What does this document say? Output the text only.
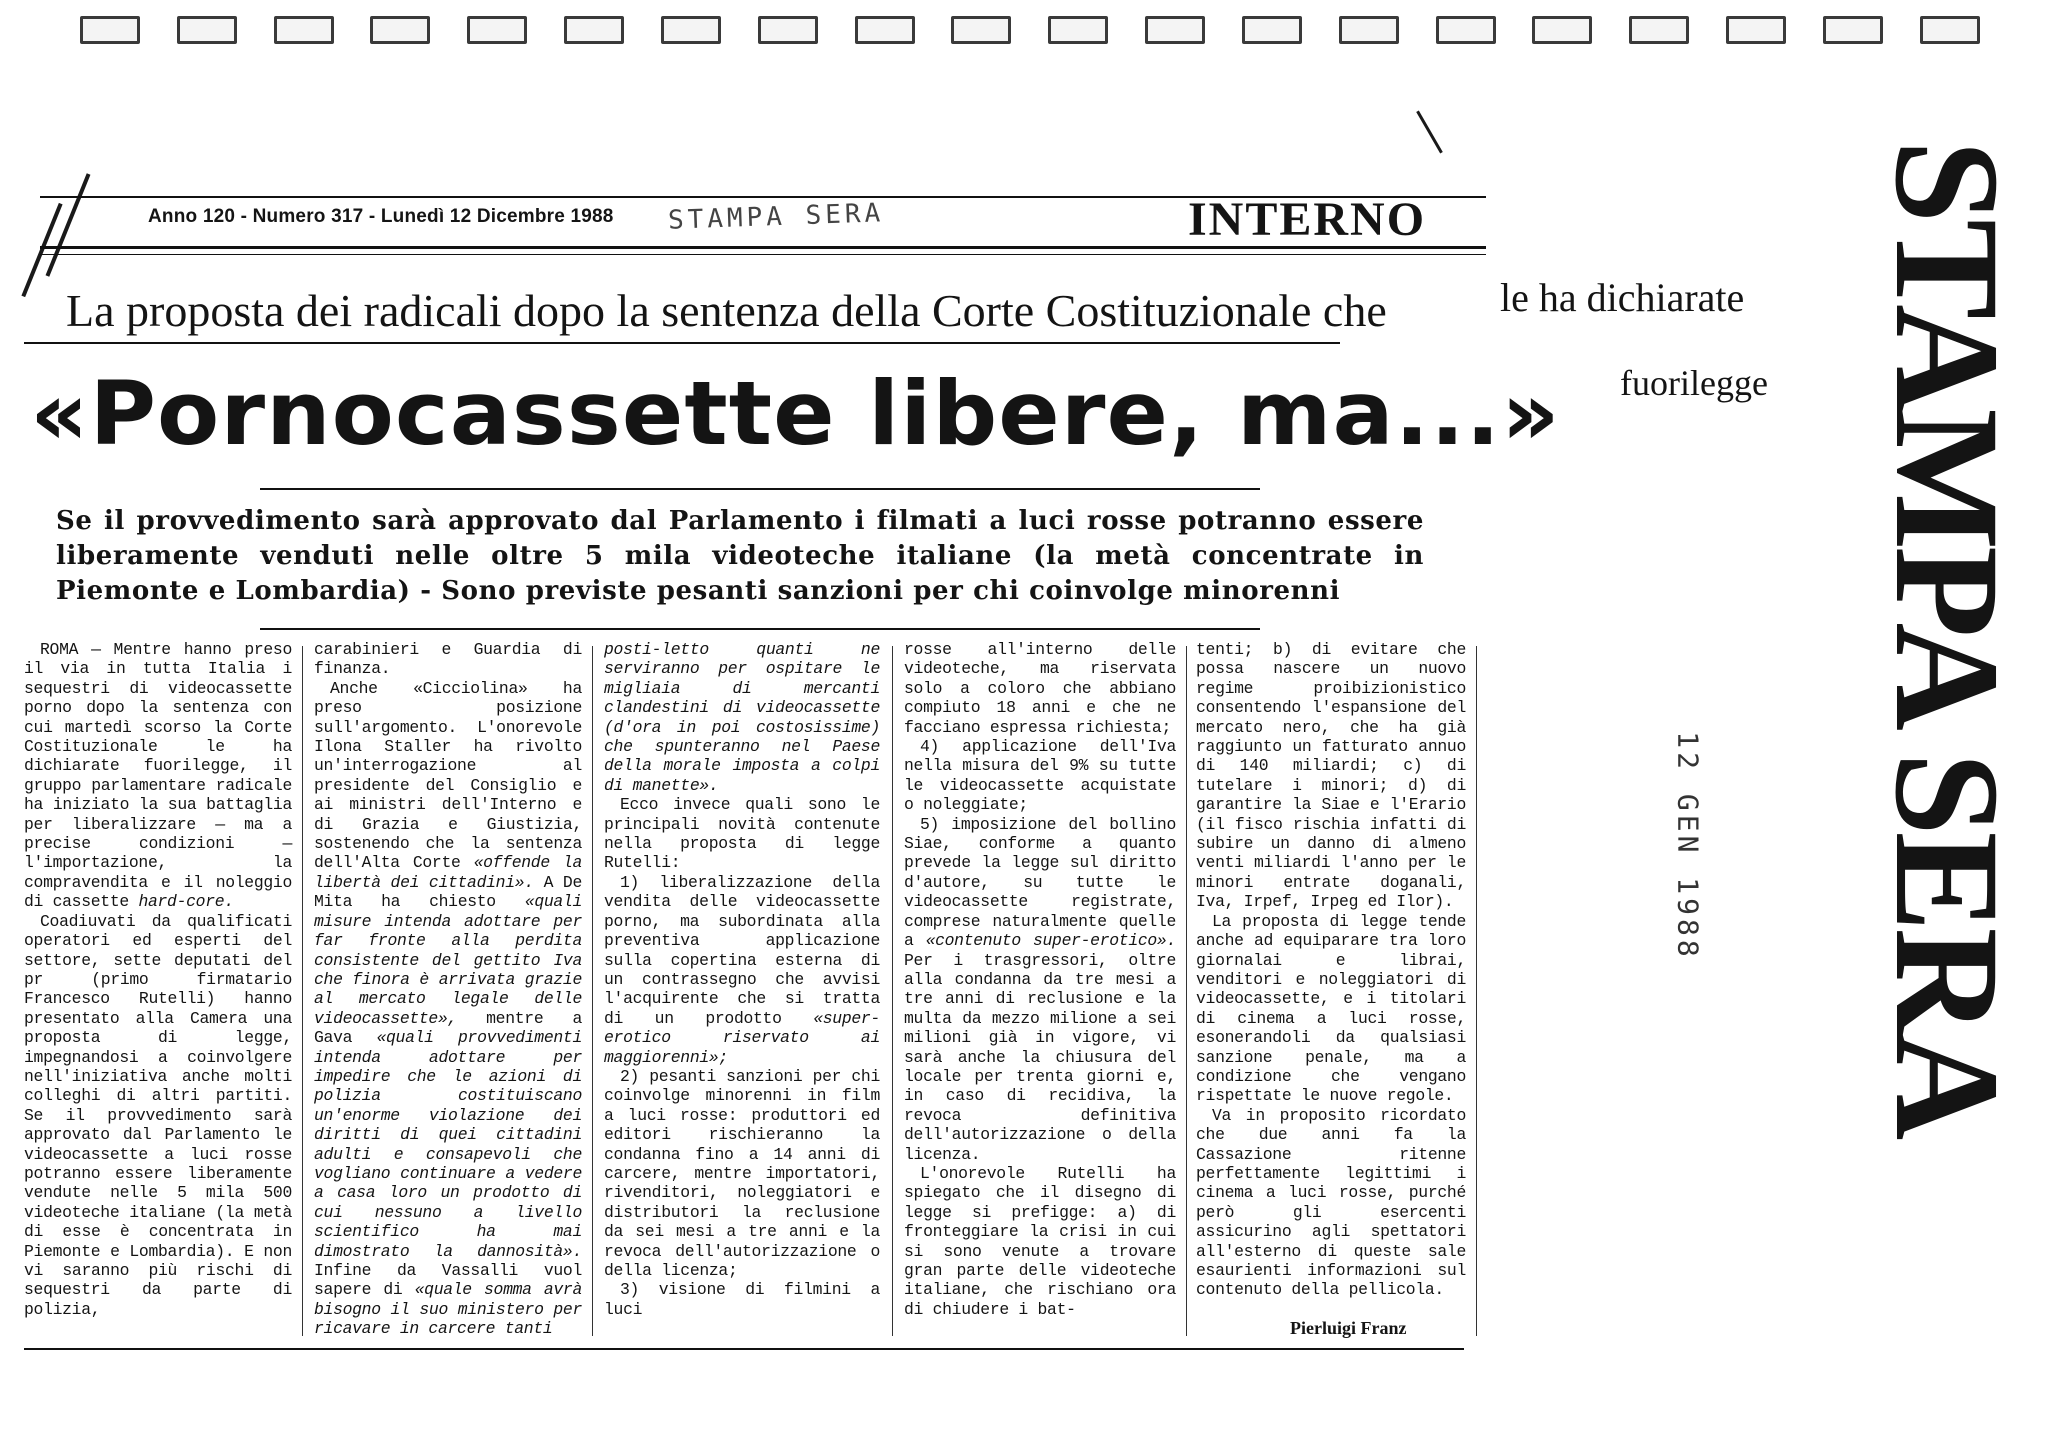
Anno 120 - Numero 317 - Lunedì 12 Dicembre 1988 STAMPA SERA	INTERNO
La proposta dei radicali dopo la sentenza della Corte Costituzionale che	le ha dichiarate
fuorilegge
«Pornocassette libere, ma...»

Se il provvedimento sarà approvato dal Parlamento i filmati a luci rosse potranno essere liberamente venduti nelle oltre 5 mila videoteche italiane (la metà concentrate in Piemonte e Lombardia) - Sono previste pesanti sanzioni per chi coinvolge minorenni	STAMPA SERA
12 GEN 1988

ROMA — Mentre hanno preso il via in tutta Italia i sequestri di videocassette porno dopo la sentenza con cui martedì scorso la Corte Costituzionale le ha dichiarate fuorilegge, il gruppo parlamentare radicale ha iniziato la sua battaglia per liberalizzare — ma a precise condizioni — l'importazione, la compravendita e il noleggio di cassette hard-core.

Coadiuvati da qualificati operatori ed esperti del settore, sette deputati del pr (primo firmatario Francesco Rutelli) hanno presentato alla Camera una proposta di legge, impegnandosi a coinvolgere nell'iniziativa anche molti colleghi di altri partiti. Se il provvedimento sarà approvato dal Parlamento le videocassette a luci rosse potranno essere liberamente vendute nelle 5 mila 500 videoteche italiane (la metà di esse è concentrata in Piemonte e Lombardia). E non vi saranno più rischi di sequestri da parte di polizia,

carabinieri e Guardia di finanza.

Anche «Cicciolina» ha preso posizione sull'argomento. L'onorevole Ilona Staller ha rivolto un'interrogazione al presidente del Consiglio e ai ministri dell'Interno e di Grazia e Giustizia, sostenendo che la sentenza dell'Alta Corte «offende la libertà dei cittadini». A De Mita ha chiesto «quali misure intenda adottare per far fronte alla perdita consistente del gettito Iva che finora è arrivata grazie al mercato legale delle videocassette», mentre a Gava «quali provvedimenti intenda adottare per impedire che le azioni di polizia costituiscano un'enorme violazione dei diritti di quei cittadini adulti e consapevoli che vogliano continuare a vedere a casa loro un prodotto di cui nessuno a livello scientifico ha mai dimostrato la dannosità». Infine da Vassalli vuol sapere di «quale somma avrà bisogno il suo ministero per ricavare in carcere tanti

posti-letto quanti ne serviranno per ospitare le migliaia di mercanti clandestini di videocassette (d'ora in poi costosissime) che spunteranno nel Paese della morale imposta a colpi di manette».

Ecco invece quali sono le principali novità contenute nella proposta di legge Rutelli:

1) liberalizzazione della vendita delle videocassette porno, ma subordinata alla preventiva applicazione sulla copertina esterna di un contrassegno che avvisi l'acquirente che si tratta di un prodotto «super-erotico riservato ai maggiorenni»;

2) pesanti sanzioni per chi coinvolge minorenni in film a luci rosse: produttori ed editori rischieranno la condanna fino a 14 anni di carcere, mentre importatori, rivenditori, noleggiatori e distributori la reclusione da sei mesi a tre anni e la revoca dell'autorizzazione o della licenza;

3) visione di filmini a luci

rosse all'interno delle videoteche, ma riservata solo a coloro che abbiano compiuto 18 anni e che ne facciano espressa richiesta;

4) applicazione dell'Iva nella misura del 9% su tutte le videocassette acquistate o noleggiate;

5) imposizione del bollino Siae, conforme a quanto prevede la legge sul diritto d'autore, su tutte le videocassette registrate, comprese naturalmente quelle a «contenuto super-erotico». Per i trasgressori, oltre alla condanna da tre mesi a tre anni di reclusione e la multa da mezzo milione a sei milioni già in vigore, vi sarà anche la chiusura del locale per trenta giorni e, in caso di recidiva, la revoca definitiva dell'autorizzazione o della licenza.

L'onorevole Rutelli ha spiegato che il disegno di legge si prefigge: a) di fronteggiare la crisi in cui si sono venute a trovare gran parte delle videoteche italiane, che rischiano ora di chiudere i bat-

tenti; b) di evitare che possa nascere un nuovo regime proibizionistico consentendo l'espansione del mercato nero, che ha già raggiunto un fatturato annuo di 140 miliardi; c) di tutelare i minori; d) di garantire la Siae e l'Erario (il fisco rischia infatti di subire un danno di almeno venti miliardi l'anno per le minori entrate doganali, Iva, Irpef, Irpeg ed Ilor).

La proposta di legge tende anche ad equiparare tra loro giornalai e librai, venditori e noleggiatori di videocassette, e i titolari di cinema a luci rosse, esonerandoli da qualsiasi sanzione penale, ma a condizione che vengano rispettate le nuove regole.

Va in proposito ricordato che due anni fa la Cassazione ritenne perfettamente legittimi i cinema a luci rosse, purché però gli esercenti assicurino agli spettatori all'esterno di queste sale esaurienti informazioni sul contenuto della pellicola.

Pierluigi Franz
